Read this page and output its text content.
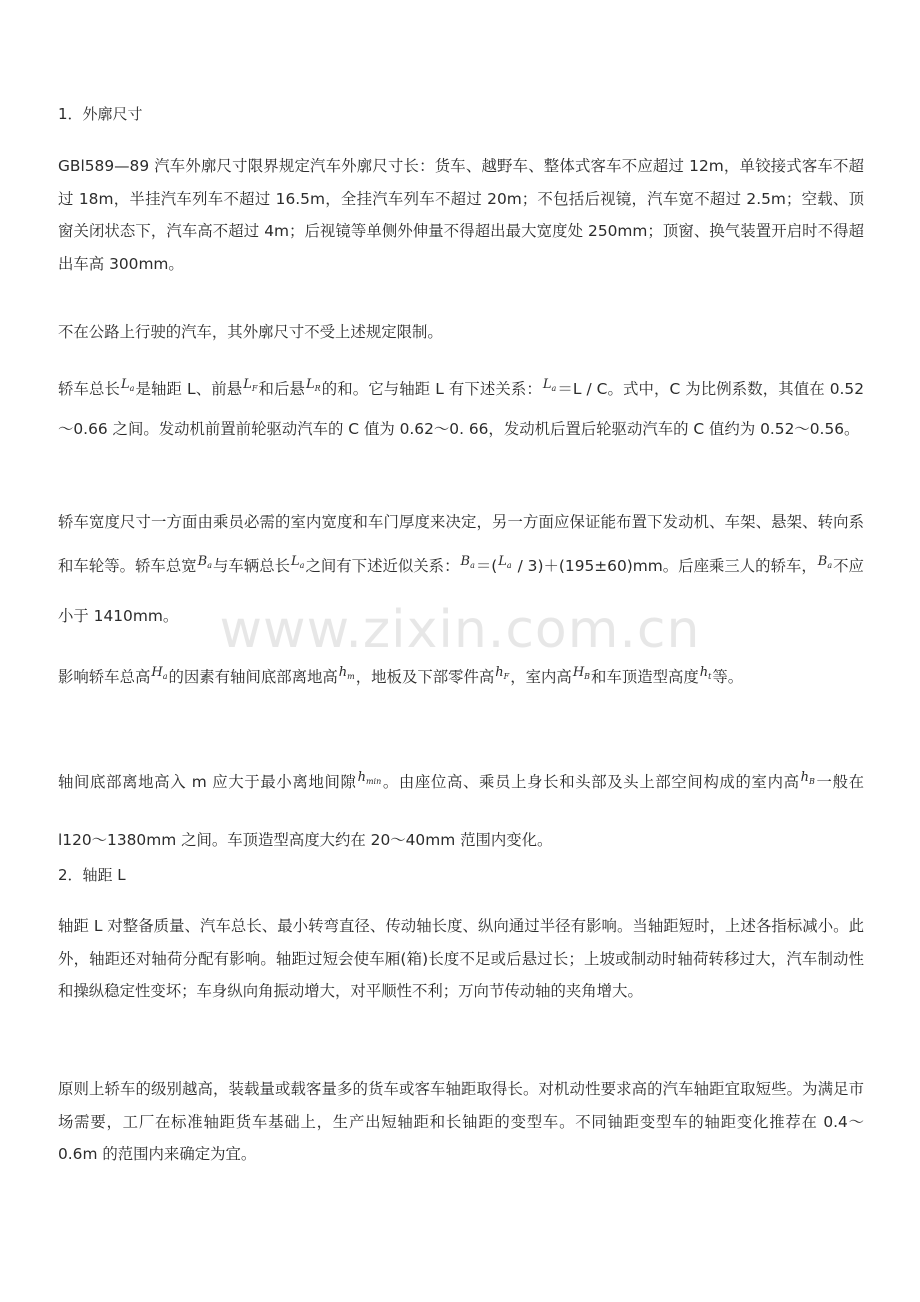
1．外廓尺寸

GBl589—89 汽车外廓尺寸限界规定汽车外廓尺寸长：货车、越野车、整体式客车不应超过 12m，单铰接式客车不超过 18m，半挂汽车列车不超过 16.5m，全挂汽车列车不超过 20m；不包括后视镜，汽车宽不超过 2.5m；空载、顶窗关闭状态下，汽车高不超过 4m；后视镜等单侧外伸量不得超出最大宽度处 250mm；顶窗、换气装置开启时不得超出车高 300mm。

不在公路上行驶的汽车，其外廓尺寸不受上述规定限制。

轿车总长$^{L_a}$是轴距 L、前悬$^{L_F}$和后悬$^{L_R}$的和。它与轴距 L 有下述关系：$^{L_a}$＝L / C。式中，C 为比例系数，其值在 0.52～0.66 之间。发动机前置前轮驱动汽车的 C 值为 0.62～0. 66，发动机后置后轮驱动汽车的 C 值约为 0.52～0.56。

轿车宽度尺寸一方面由乘员必需的室内宽度和车门厚度来决定，另一方面应保证能布置下发动机、车架、悬架、转向系和车轮等。轿车总宽$^{B_a}$与车辆总长$^{L_a}$之间有下述近似关系：$^{B_a}$＝($^{L_a}$ / 3)＋(195±60)mm。后座乘三人的轿车，$^{B_a}$不应小于 1410mm。

影响轿车总高$^{H_a}$的因素有轴间底部离地高$^{h_m}$，地板及下部零件高$^{h_F}$，室内高$^{H_B}$和车顶造型高度$^{h_t}$等。

轴间底部离地高入 m 应大于最小离地间隙$^{h_{min}}$。由座位高、乘员上身长和头部及头上部空间构成的室内高$^{h_B}$一般在 l120～1380mm 之间。车顶造型高度大约在 20～40mm 范围内变化。

2．轴距 L

轴距 L 对整备质量、汽车总长、最小转弯直径、传动轴长度、纵向通过半径有影响。当轴距短时，上述各指标减小。此外，轴距还对轴荷分配有影响。轴距过短会使车厢(箱)长度不足或后悬过长；上坡或制动时轴荷转移过大，汽车制动性和操纵稳定性变坏；车身纵向角振动增大，对平顺性不利；万向节传动轴的夹角增大。

原则上轿车的级别越高，装载量或载客量多的货车或客车轴距取得长。对机动性要求高的汽车轴距宜取短些。为满足市场需要，工厂在标准轴距货车基础上，生产出短轴距和长铀距的变型车。不同铀距变型车的轴距变化推荐在 0.4～0.6m 的范围内来确定为宜。

www.zixin.com.cn
